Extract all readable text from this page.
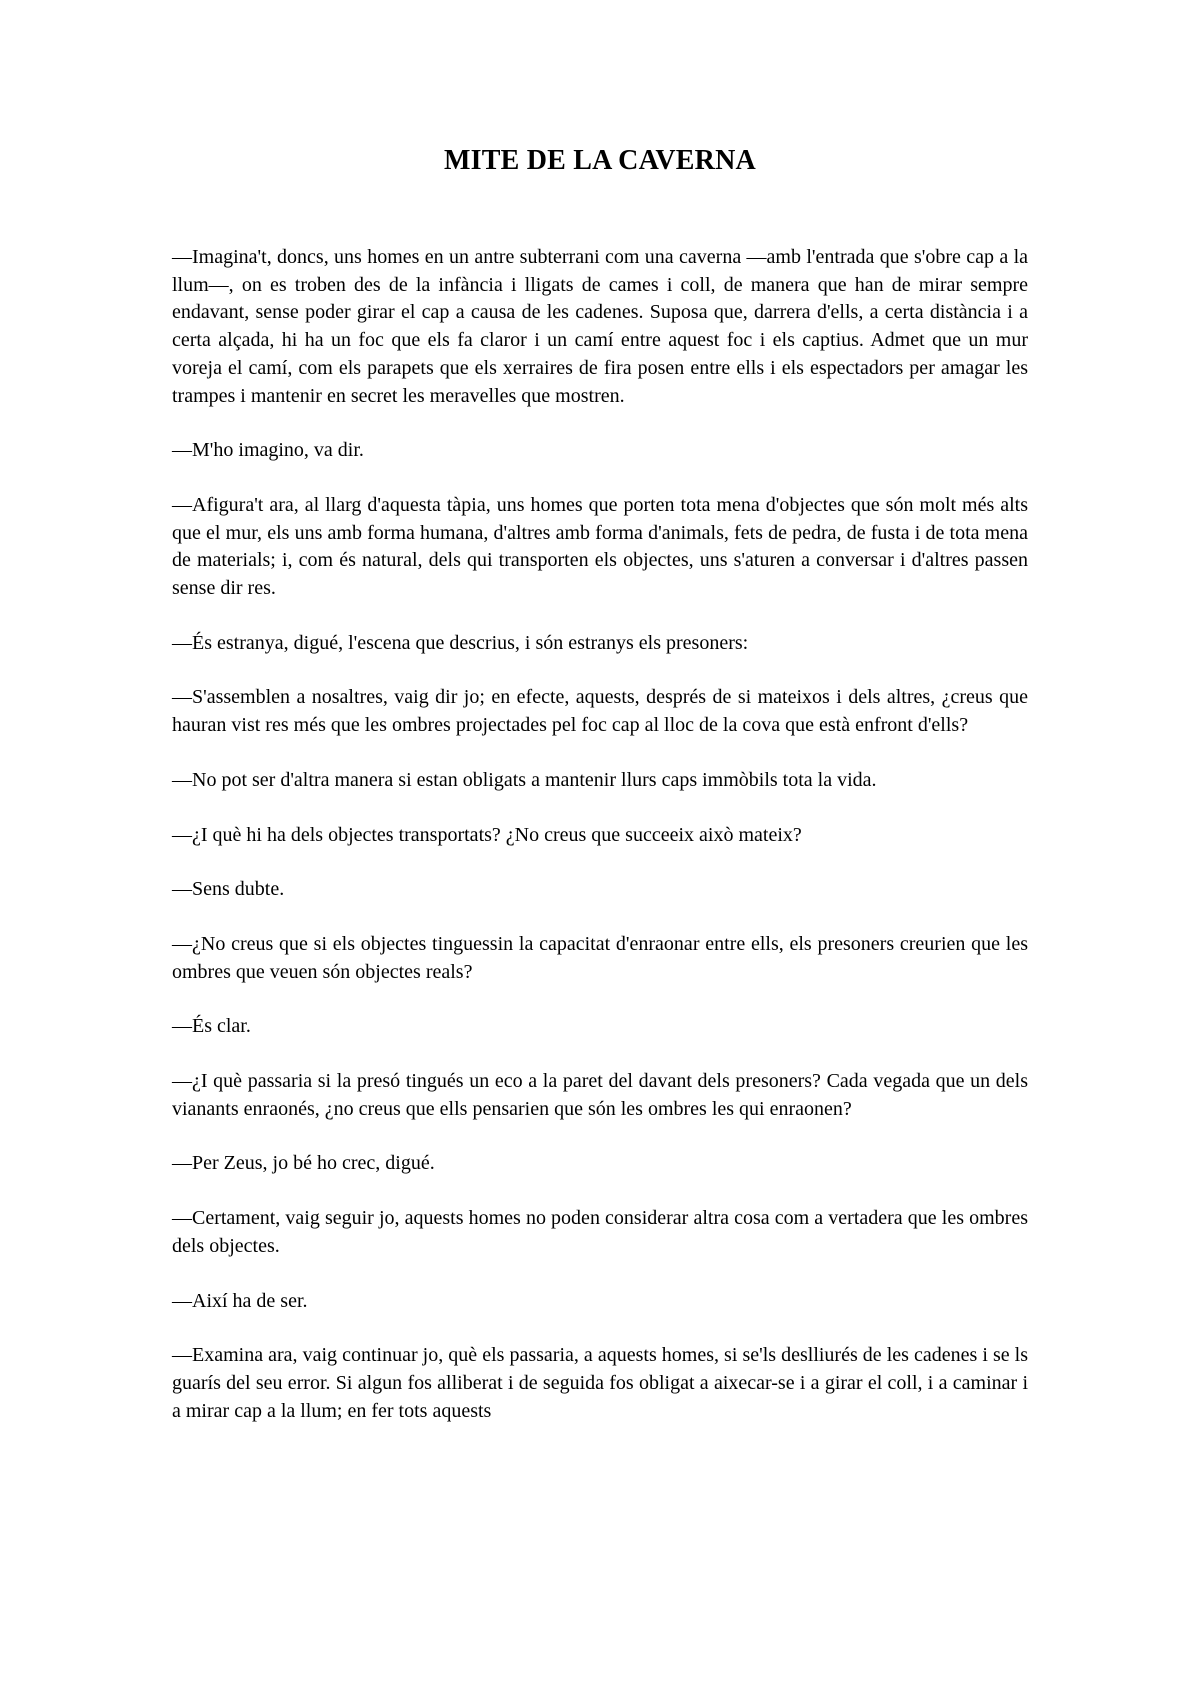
MITE DE LA CAVERNA

—Imagina't, doncs, uns homes en un antre subterrani com una caverna —amb l'entrada que s'obre cap a la llum—, on es troben des de la infància i lligats de cames i coll, de manera que han de mirar sempre endavant, sense poder girar el cap a causa de les cadenes. Suposa que, darrera d'ells, a certa distància i a certa alçada, hi ha un foc que els fa claror i un camí entre aquest foc i els captius. Admet que un mur voreja el camí, com els parapets que els xerraires de fira posen entre ells i els espectadors per amagar les trampes i mantenir en secret les meravelles que mostren.

—M'ho imagino, va dir.

—Afigura't ara, al llarg d'aquesta tàpia, uns homes que porten tota mena d'objectes que són molt més alts que el mur, els uns amb forma humana, d'altres amb forma d'animals, fets de pedra, de fusta i de tota mena de materials; i, com és natural, dels qui transporten els objectes, uns s'aturen a conversar i d'altres passen sense dir res.

—És estranya, digué, l'escena que descrius, i són estranys els presoners:

—S'assemblen a nosaltres, vaig dir jo; en efecte, aquests, després de si mateixos i dels altres, ¿creus que hauran vist res més que les ombres projectades pel foc cap al lloc de la cova que està enfront d'ells?

—No pot ser d'altra manera si estan obligats a mantenir llurs caps immòbils tota la vida.

—¿I què hi ha dels objectes transportats? ¿No creus que succeeix això mateix?

—Sens dubte.

—¿No creus que si els objectes tinguessin la capacitat d'enraonar entre ells, els presoners creurien que les ombres que veuen són objectes reals?

—És clar.

—¿I què passaria si la presó tingués un eco a la paret del davant dels presoners? Cada vegada que un dels vianants enraonés, ¿no creus que ells pensarien que són les ombres les qui enraonen?

—Per Zeus, jo bé ho crec, digué.

—Certament, vaig seguir jo, aquests homes no poden considerar altra cosa com a vertadera que les ombres dels objectes.

—Així ha de ser.

—Examina ara, vaig continuar jo, què els passaria, a aquests homes, si se'ls deslliurés de les cadenes i se ls guarís del seu error. Si algun fos alliberat i de seguida fos obligat a aixecar-se i a girar el coll, i a caminar i a mirar cap a la llum; en fer tots aquests
